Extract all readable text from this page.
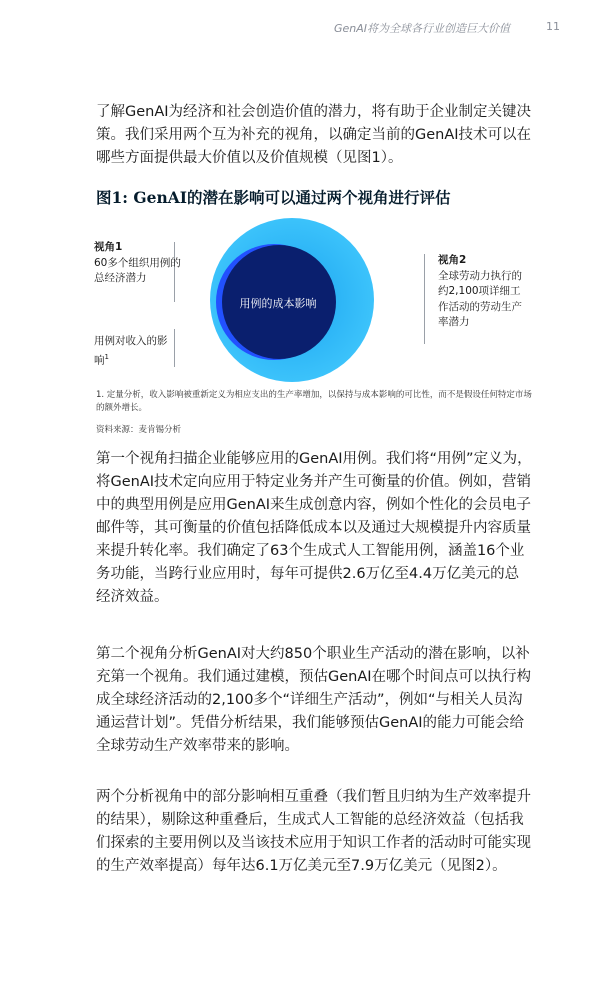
GenAI将为全球各行业创造巨大价值	11

了解GenAI为经济和社会创造价值的潜力，将有助于企业制定关键决策。我们采用两个互为补充的视角，以确定当前的GenAI技术可以在哪些方面提供最大价值以及价值规模（见图1）。

图1: GenAI的潜在影响可以通过两个视角进行评估
视角1
60多个组织用例的总经济潜力
用例对收入的影响$^1$
视角2
全球劳动力执行的约2,100项详细工作活动的劳动生产率潜力
用例的成本影响
1. 定量分析，收入影响被重新定义为相应支出的生产率增加，以保持与成本影响的可比性，而不是假设任何特定市场的额外增长。
资料来源：麦肯锡分析

第一个视角扫描企业能够应用的GenAI用例。我们将“用例”定义为，将GenAI技术定向应用于特定业务并产生可衡量的价值。例如，营销中的典型用例是应用GenAI来生成创意内容，例如个性化的会员电子邮件等，其可衡量的价值包括降低成本以及通过大规模提升内容质量来提升转化率。我们确定了63个生成式人工智能用例，涵盖16个业务功能，当跨行业应用时，每年可提供2.6万亿至4.4万亿美元的总经济效益。

第二个视角分析GenAI对大约850个职业生产活动的潜在影响，以补充第一个视角。我们通过建模，预估GenAI在哪个时间点可以执行构成全球经济活动的2,100多个“详细生产活动”，例如“与相关人员沟通运营计划”。凭借分析结果，我们能够预估GenAI的能力可能会给全球劳动生产效率带来的影响。

两个分析视角中的部分影响相互重叠（我们暂且归纳为生产效率提升的结果），剔除这种重叠后，生成式人工智能的总经济效益（包括我们探索的主要用例以及当该技术应用于知识工作者的活动时可能实现的生产效率提高）每年达6.1万亿美元至7.9万亿美元（见图2）。
